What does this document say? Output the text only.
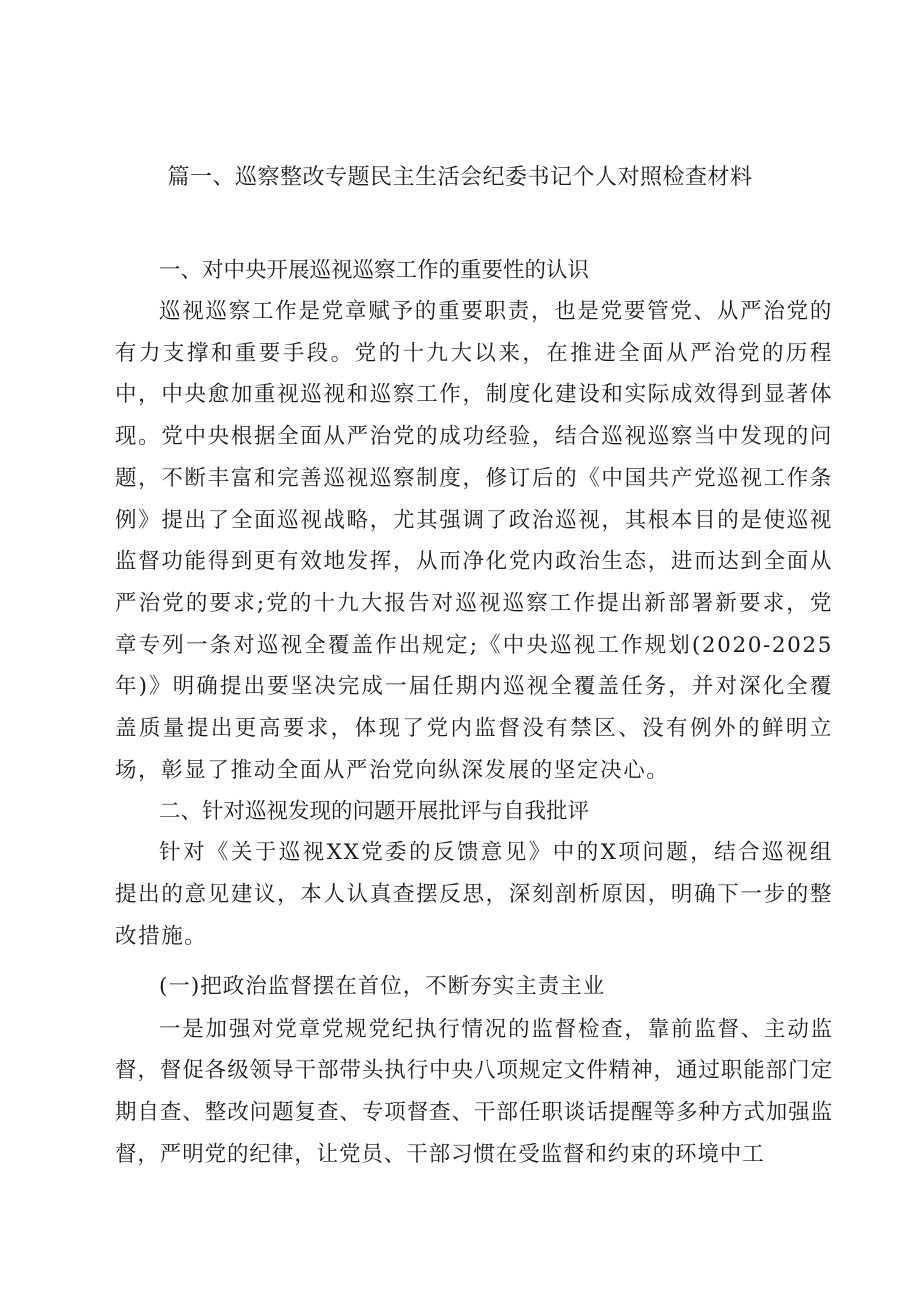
篇一、巡察整改专题民主生活会纪委书记个人对照检查材料
一、对中央开展巡视巡察工作的重要性的认识

巡视巡察工作是党章赋予的重要职责，也是党要管党、从严治党的有力支撑和重要手段。党的十九大以来，在推进全面从严治党的历程中，中央愈加重视巡视和巡察工作，制度化建设和实际成效得到显著体现。党中央根据全面从严治党的成功经验，结合巡视巡察当中发现的问题，不断丰富和完善巡视巡察制度，修订后的《中国共产党巡视工作条例》提出了全面巡视战略，尤其强调了政治巡视，其根本目的是使巡视监督功能得到更有效地发挥，从而净化党内政治生态，进而达到全面从严治党的要求;党的十九大报告对巡视巡察工作提出新部署新要求，党章专列一条对巡视全覆盖作出规定;《中央巡视工作规划(2020-2025年)》明确提出要坚决完成一届任期内巡视全覆盖任务，并对深化全覆盖质量提出更高要求，体现了党内监督没有禁区、没有例外的鲜明立场，彰显了推动全面从严治党向纵深发展的坚定决心。

二、针对巡视发现的问题开展批评与自我批评

针对《关于巡视XX党委的反馈意见》中的X项问题，结合巡视组提出的意见建议，本人认真查摆反思，深刻剖析原因，明确下一步的整改措施。

(一)把政治监督摆在首位，不断夯实主责主业

一是加强对党章党规党纪执行情况的监督检查，靠前监督、主动监督，督促各级领导干部带头执行中央八项规定文件精神，通过职能部门定期自查、整改问题复查、专项督查、干部任职谈话提醒等多种方式加强监督，严明党的纪律，让党员、干部习惯在受监督和约束的环境中工
